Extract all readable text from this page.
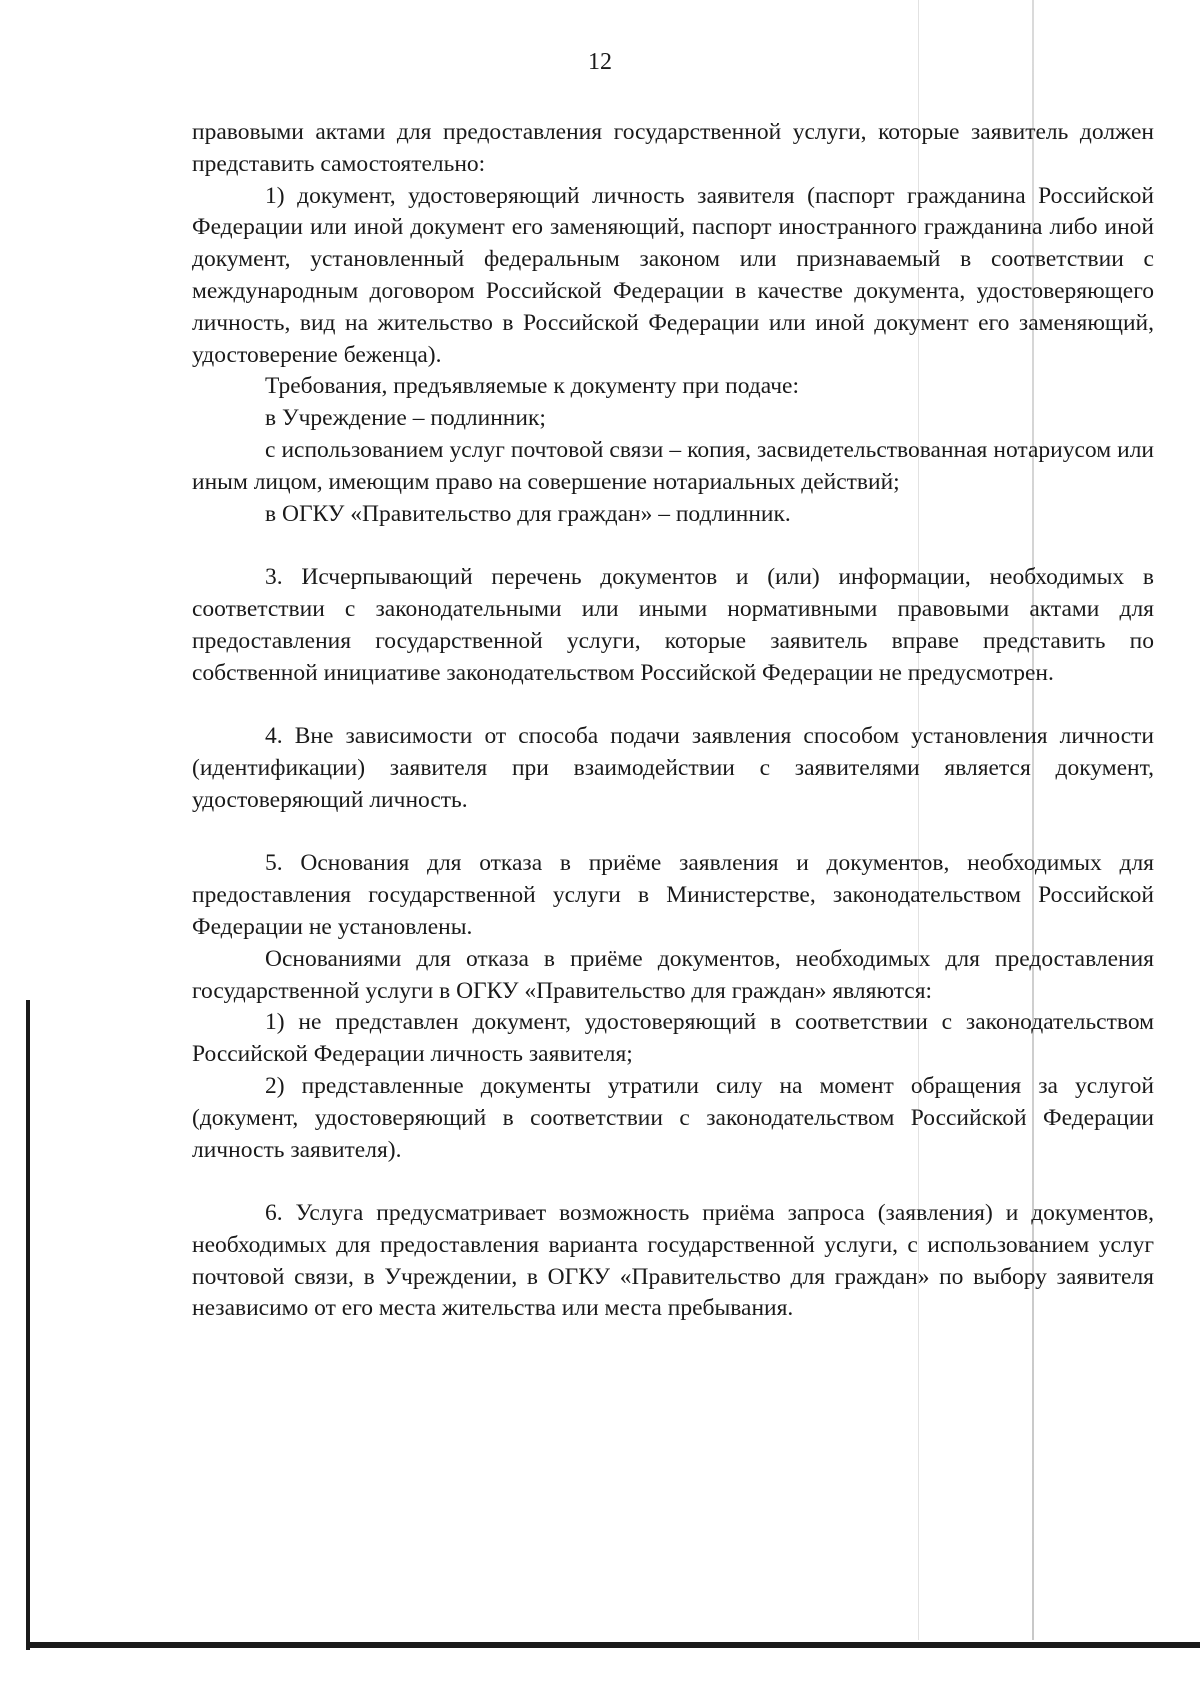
12

правовыми актами для предоставления государственной услуги, которые заявитель должен представить самостоятельно:

1) документ, удостоверяющий личность заявителя (паспорт гражданина Российской Федерации или иной документ его заменяющий, паспорт иностранного гражданина либо иной документ, установленный федеральным законом или признаваемый в соответствии с международным договором Российской Федерации в качестве документа, удостоверяющего личность, вид на жительство в Российской Федерации или иной документ его заменяющий, удостоверение беженца).

Требования, предъявляемые к документу при подаче:

в Учреждение – подлинник;

с использованием услуг почтовой связи – копия, засвидетельствованная нотариусом или иным лицом, имеющим право на совершение нотариальных действий;

в ОГКУ «Правительство для граждан» – подлинник.

3. Исчерпывающий перечень документов и (или) информации, необходимых в соответствии с законодательными или иными нормативными правовыми актами для предоставления государственной услуги, которые заявитель вправе представить по собственной инициативе законодательством Российской Федерации не предусмотрен.

4. Вне зависимости от способа подачи заявления способом установления личности (идентификации) заявителя при взаимодействии с заявителями является документ, удостоверяющий личность.

5. Основания для отказа в приёме заявления и документов, необходимых для предоставления государственной услуги в Министерстве, законодательством Российской Федерации не установлены.

Основаниями для отказа в приёме документов, необходимых для предоставления государственной услуги в ОГКУ «Правительство для граждан» являются:

1) не представлен документ, удостоверяющий в соответствии с законодательством Российской Федерации личность заявителя;

2) представленные документы утратили силу на момент обращения за услугой (документ, удостоверяющий в соответствии с законодательством Российской Федерации личность заявителя).

6. Услуга предусматривает возможность приёма запроса (заявления) и документов, необходимых для предоставления варианта государственной услуги, с использованием услуг почтовой связи, в Учреждении, в ОГКУ «Правительство для граждан» по выбору заявителя независимо от его места жительства или места пребывания.
